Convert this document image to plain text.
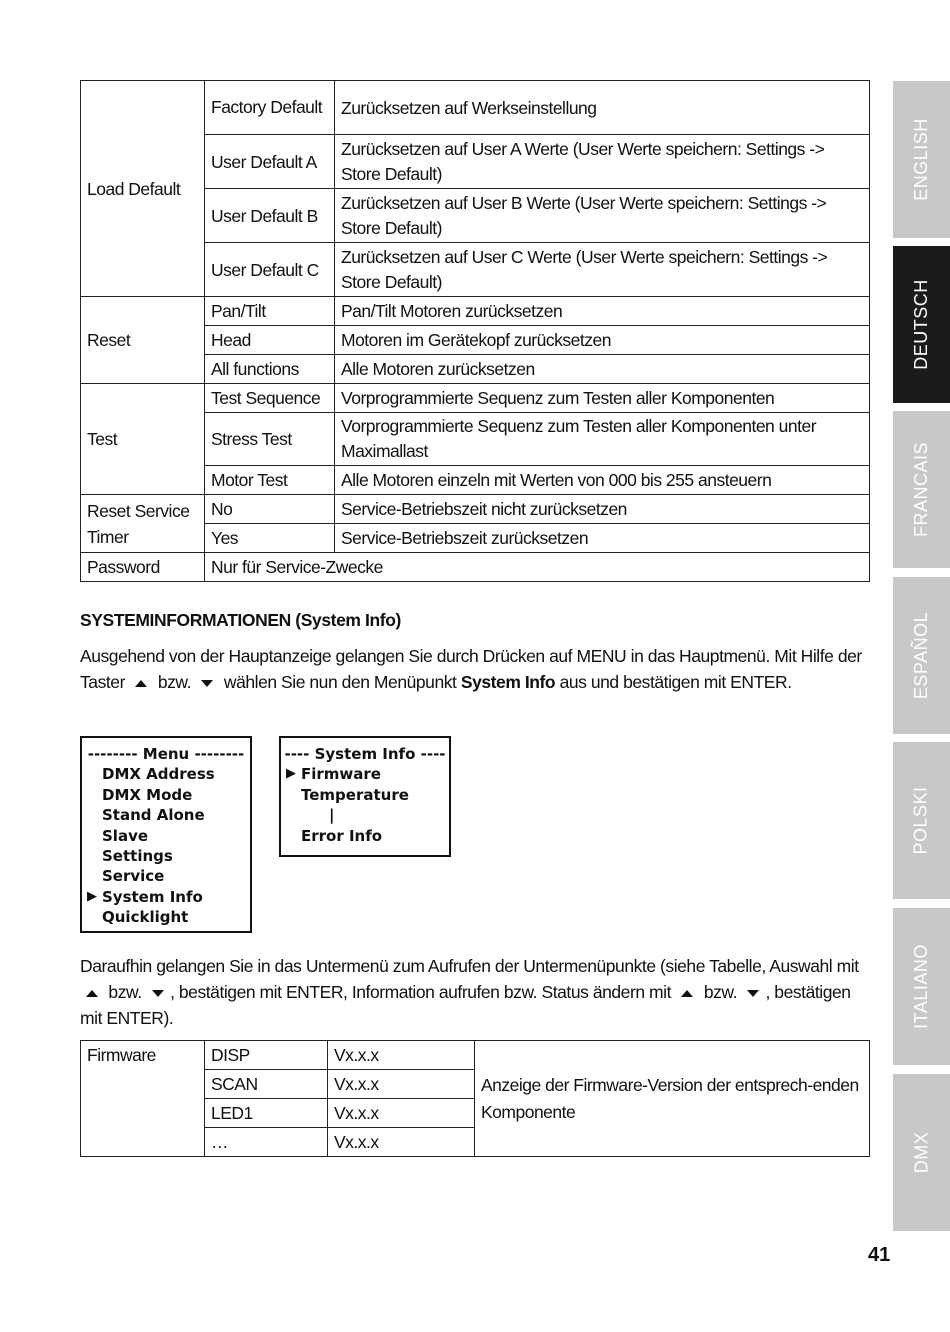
Load Default	Factory Default	Zurücksetzen auf Werkseinstellung
	User Default A	Zurücksetzen auf User A Werte (User Werte speichern: Settings -> Store Default)
	User Default B	Zurücksetzen auf User B Werte (User Werte speichern: Settings -> Store Default)
	User Default C	Zurücksetzen auf User C Werte (User Werte speichern: Settings -> Store Default)
Reset	Pan/Tilt	Pan/Tilt Motoren zurücksetzen
	Head	Motoren im Gerätekopf zurücksetzen
	All functions	Alle Motoren zurücksetzen
Test	Test Sequence	Vorprogrammierte Sequenz zum Testen aller Komponenten
	Stress Test	Vorprogrammierte Sequenz zum Testen aller Komponenten unter Maximallast
	Motor Test	Alle Motoren einzeln mit Werten von 000 bis 255 ansteuern
Reset Service Timer	No	Service-Betriebszeit nicht zurücksetzen
	Yes	Service-Betriebszeit zurücksetzen
Password	Nur für Service-Zwecke	
SYSTEMINFORMATIONEN (System Info)
Ausgehend von der Hauptanzeige gelangen Sie durch Drücken auf MENU in das Hauptmenü. Mit Hilfe der Taster bzw. wählen Sie nun den Menüpunkt System Info aus und bestätigen mit ENTER.
-------- Menu --------
DMX Address
DMX Mode
Stand Alone
Slave
Settings
Service
▶ System Info
Quicklight
---- System Info ----
▶ Firmware
Temperature
|
Error Info
Daraufhin gelangen Sie in das Untermenü zum Aufrufen der Untermenüpunkte (siehe Tabelle, Auswahl mit  bzw. , bestätigen mit ENTER, Information aufrufen bzw. Status ändern mit bzw. , bestätigen mit ENTER).
Firmware	DISP	Vx.x.x	Anzeige der Firmware-Version der entsprech-enden Komponente
	SCAN	Vx.x.x	
	LED1	Vx.x.x	
	…	Vx.x.x	
ENGLISH
DEUTSCH
FRANCAIS
ESPAÑOL
POLSKI
ITALIANO
DMX
41
